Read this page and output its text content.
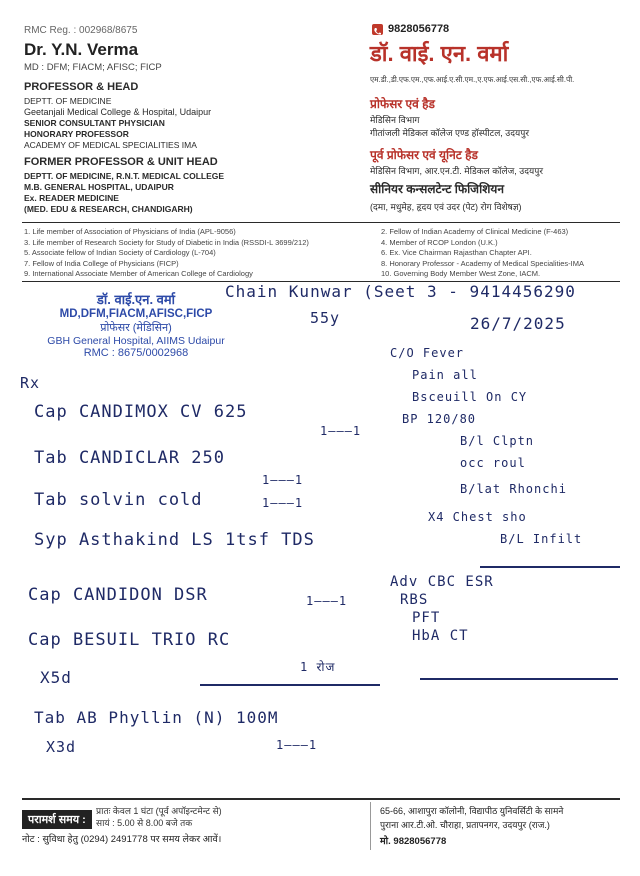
RMC Reg. : 002968/8675
Dr. Y.N. Verma
MD : DFM; FIACM; AFISC; FICP
PROFESSOR & HEAD
DEPTT. OF MEDICINE
Geetanjali Medical College & Hospital, Udaipur
SENIOR CONSULTANT PHYSICIAN
HONORARY PROFESSOR
ACADEMY OF MEDICAL SPECIALITIES IMA
FORMER PROFESSOR & UNIT HEAD
DEPTT. OF MEDICINE, R.N.T. MEDICAL COLLEGE
M.B. GENERAL HOSPITAL, UDAIPUR
Ex. READER MEDICINE
(MED. EDU & RESEARCH, CHANDIGARH)
9828056778
डॉ. वाई. एन. वर्मा
एम.डी.,डी.एफ.एम.,एफ.आई.ए.सी.एम.,ए.एफ.आई.एस.सी.,एफ.आई.सी.पी.
प्रोफेसर एवं हैड
मेडिसिन विभाग
गीतांजली मेडिकल कॉलेज एण्ड हॉस्पीटल, उदयपुर
पूर्व प्रोफेसर एवं यूनिट हैड
मेडिसिन विभाग, आर.एन.टी. मेडिकल कॉलेज, उदयपुर
सीनियर कन्सलटेन्ट फिजिशियन
(दमा, मधुमेह, हृदय एवं उदर (पेट) रोग विशेषज्ञ)
1. Life member of Association of Physicians of India (APL-9056)
3. Life member of Research Society for Study of Diabetic in India (RSSDI-L 3699/212)
5. Associate fellow of Indian Society of Cardiology (L-704)
7. Fellow of India College of Physicians (FICP)
9. International Associate Member of American College of Cardiology
2. Fellow of Indian Academy of Clinical Medicine (F-463)
4. Member of RCOP London (U.K.)
6. Ex. Vice Chairman Rajasthan Chapter API.
8. Honorary Professor - Academy of Medical Specialities-IMA
10. Governing Body Member West Zone, IACM.
डॉ. वाई.एन. वर्मा
MD,DFM,FIACM,AFISC,FICP
प्रोफेसर (मेडिसिन)
GBH General Hospital, AIIMS Udaipur
RMC : 8675/0002968
Chain Kunwar (Seet 3 - 9414456290
55y	26/7/2025
Rx
C/O Fever
Pain all
Bsceuill On CY
BP 120/80
B/l Clptn
occ roul
B/lat Rhonchi
X4 Chest sho
B/L Infilt
Cap CANDIMOX CV 625
1———1
Tab CANDICLAR 250
1———1
Tab solvin cold	1———1
Syp Asthakind LS 1tsf TDS
Cap CANDIDON DSR	1———1
Cap BESUIL TRIO RC
1 रोज
X5d
Tab AB Phyllin (N) 100M
1———1
X3d
Adv CBC ESR
RBS
PFT
HbA CT
परामर्श समय :
प्रातः केवल 1 घंटा (पूर्व अपॉइन्टमेन्ट से)
सायं : 5.00 से 8.00 बजे तक
नोट : सुविधा हेतु (0294) 2491778 पर समय लेकर आवें।
65-66, आशापुरा कॉलोनी, विद्यापीठ युनिवर्सिटी के सामने
पुराना आर.टी.ओ. चौराहा, प्रतापनगर, उदयपुर (राज.)
मो. 9828056778
